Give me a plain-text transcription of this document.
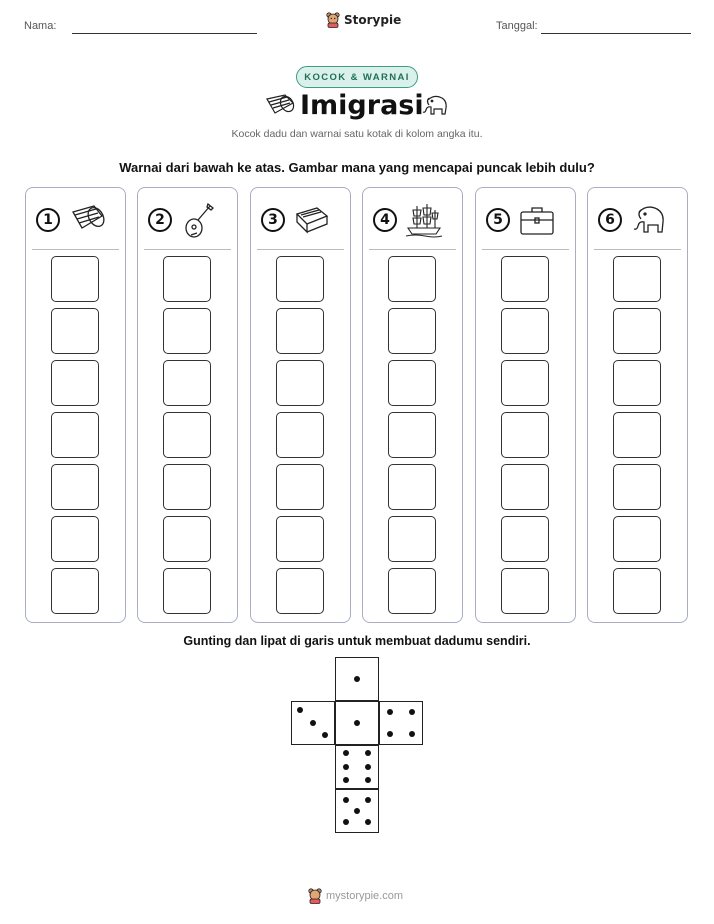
Nama:	Storypie	Tanggal:
KOCOK & WARNAI
Imigrasi
Kocok dadu dan warnai satu kotak di kolom angka itu.
Warnai dari bawah ke atas. Gambar mana yang mencapai puncak lebih dulu?
1	2	3	4	5	6
Gunting dan lipat di garis untuk membuat dadumu sendiri.
mystorypie.com
